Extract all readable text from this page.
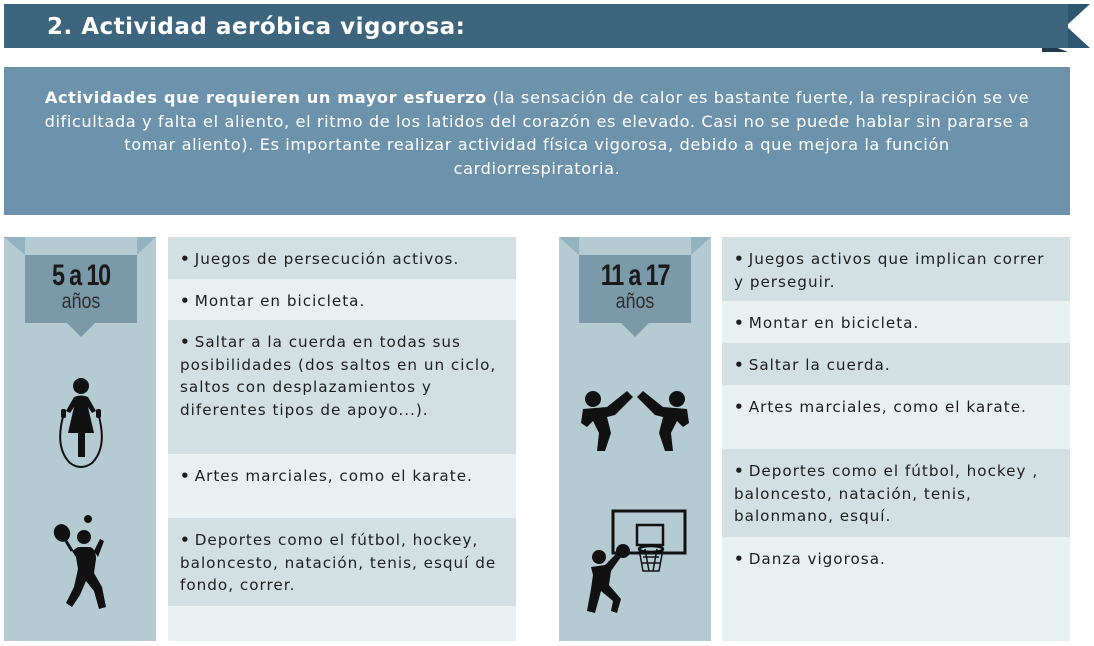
2. Actividad aeróbica vigorosa:

Actividades que requieren un mayor esfuerzo (la sensación de calor es bastante fuerte, la respiración se ve dificultada y falta el aliento, el ritmo de los latidos del corazón es elevado. Casi no se puede hablar sin pararse a tomar aliento). Es importante realizar actividad física vigorosa, debido a que mejora la función cardiorrespiratoria.

5 a 10
años
• Juegos de persecución activos.
• Montar en bicicleta.
• Saltar a la cuerda en todas sus posibilidades (dos saltos en un ciclo, saltos con desplazamientos y diferentes tipos de apoyo...).
• Artes marciales, como el karate.
• Deportes como el fútbol, hockey, baloncesto, natación, tenis, esquí de fondo, correr.
11 a 17
años
• Juegos activos que implican correr y perseguir.
• Montar en bicicleta.
• Saltar la cuerda.
• Artes marciales, como el karate.
• Deportes como el fútbol, hockey , baloncesto, natación, tenis, balonmano, esquí.
• Danza vigorosa.
